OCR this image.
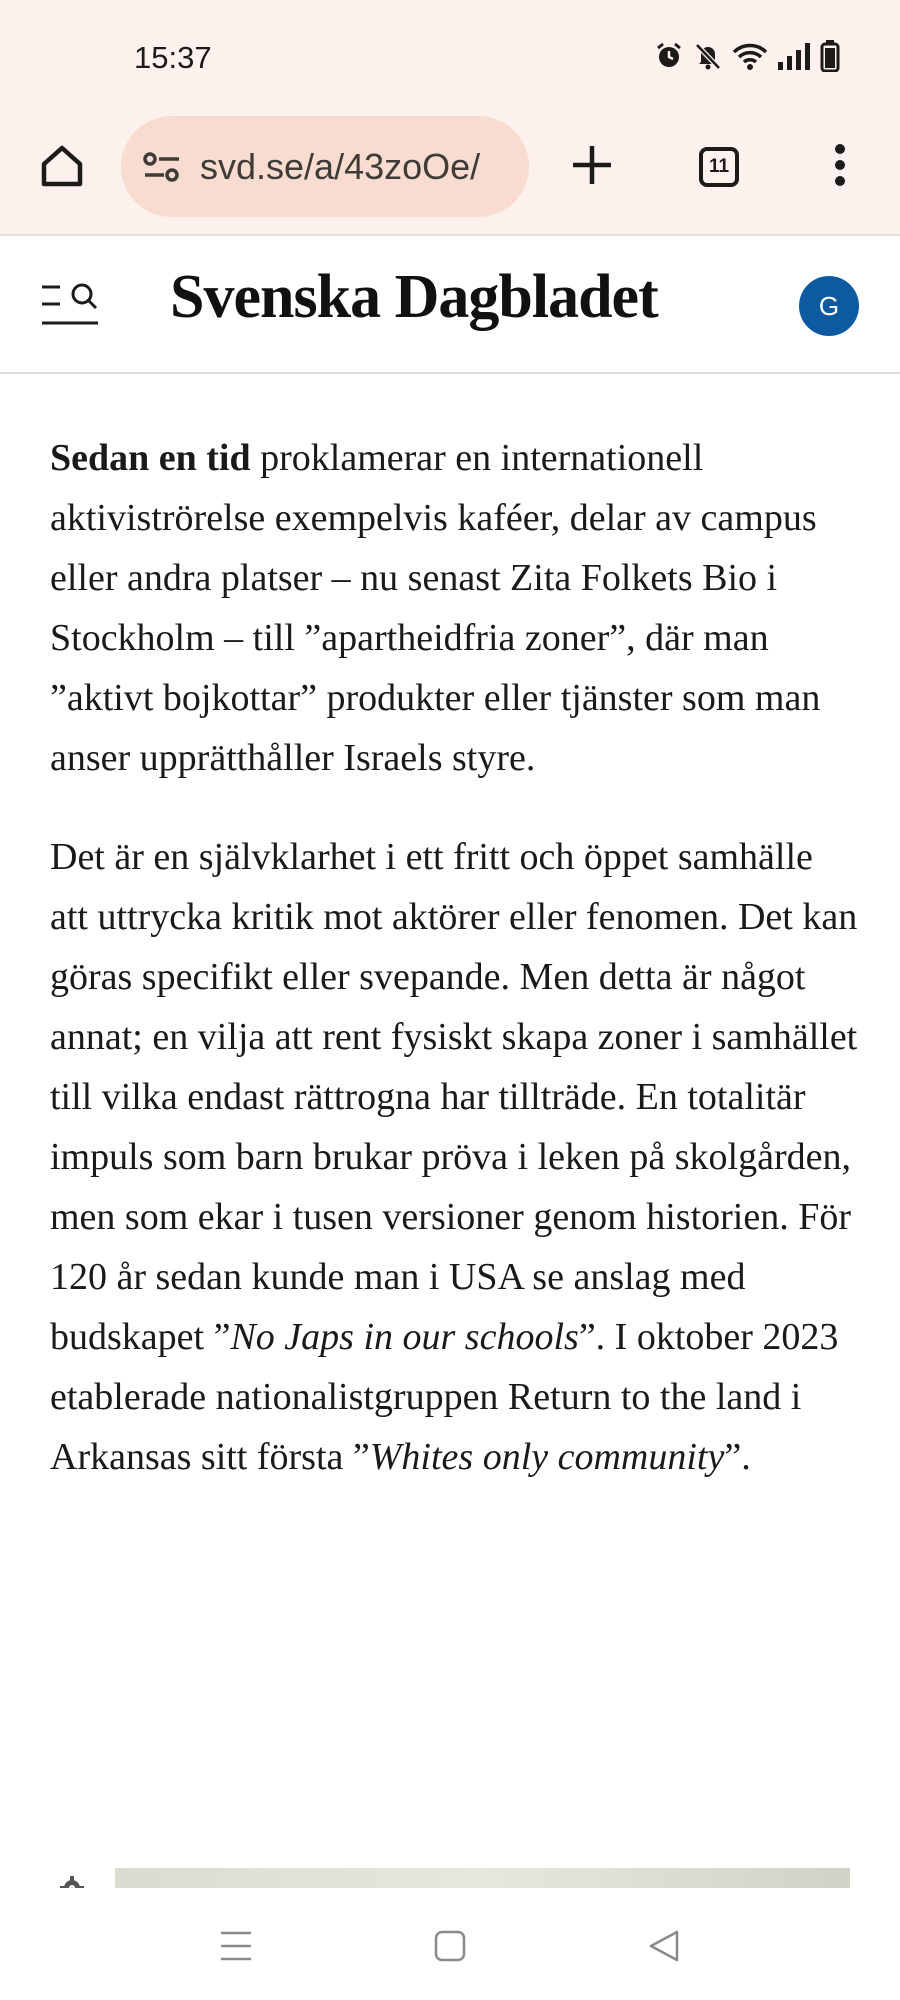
15:37
svd.se/a/43zoOe/	11
Svenska Dagbladet	G

Sedan en tid proklamerar en internationell aktiviströrelse exempelvis kaféer, delar av campus eller andra platser – nu senast Zita Folkets Bio i Stockholm – till ”apartheidfria zoner”, där man ”aktivt bojkottar” produkter eller tjänster som man anser upprätthåller Israels styre.

Det är en självklarhet i ett fritt och öppet samhälle att uttrycka kritik mot aktörer eller fenomen. Det kan göras specifikt eller svepande. Men detta är något annat; en vilja att rent fysiskt skapa zoner i samhället till vilka endast rättrogna har tillträde. En totalitär impuls som barn brukar pröva i leken på skolgården, men som ekar i tusen versioner genom historien. För 120 år sedan kunde man i USA se anslag med budskapet ”No Japs in our schools”. I oktober 2023 etablerade nationalistgruppen Return to the land i Arkansas sitt första ”Whites only community”.
